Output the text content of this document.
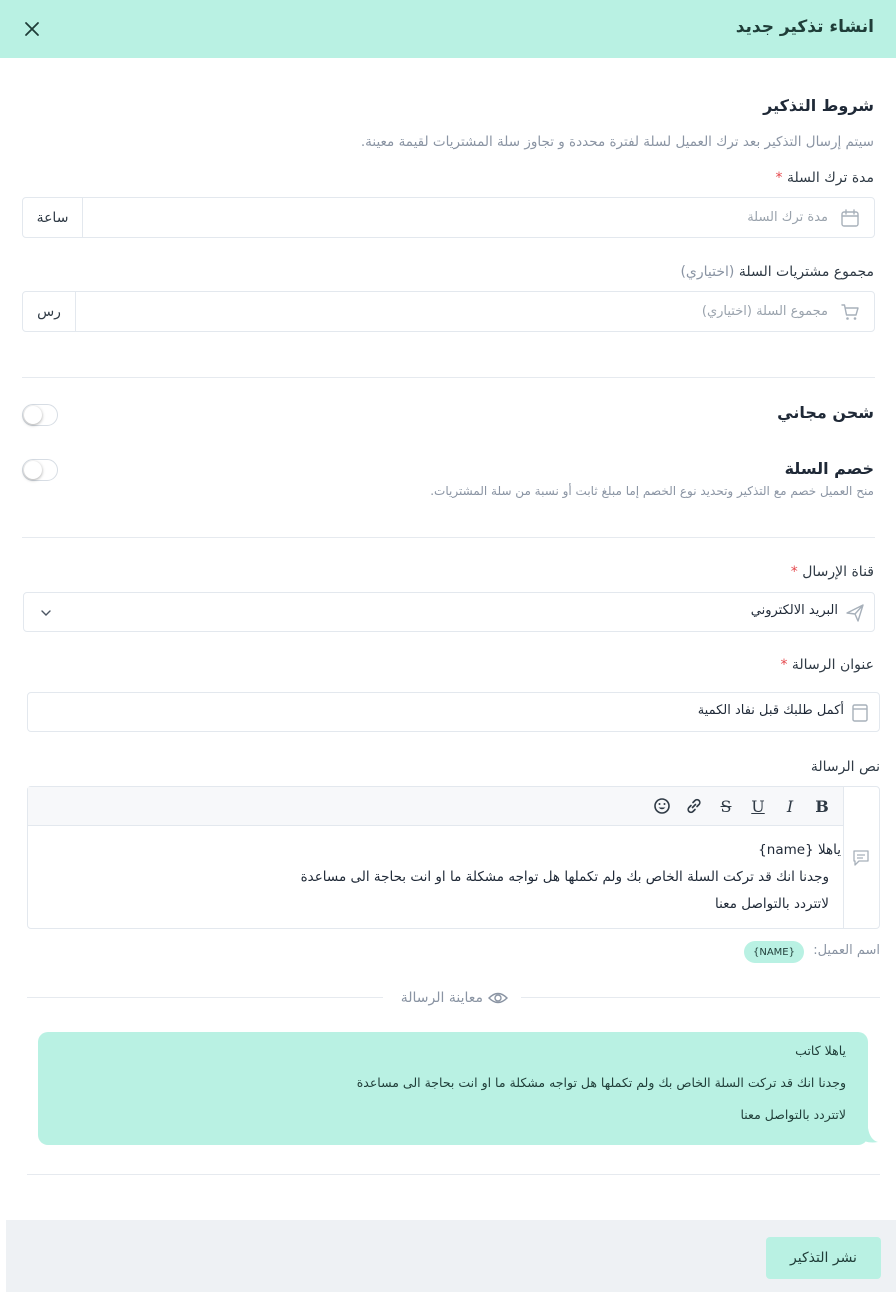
انشاء تذكير جديد
شروط التذكير
سيتم إرسال التذكير بعد ترك العميل لسلة لفترة محددة و تجاوز سلة المشتريات لقيمة معينة.
مدة ترك السلة *
ساعة	مدة ترك السلة
مجموع مشتريات السلة (اختياري)
رس	مجموع السلة (اختياري)
شحن مجاني
خصم السلة
منح العميل خصم مع التذكير وتحديد نوع الخصم إما مبلغ ثابت أو نسبة من سلة المشتريات.
قناة الإرسال *
البريد الالكتروني
عنوان الرسالة *
أكمل طلبك قبل نفاد الكمية
نص الرسالة
B
I
U
S
ياهلا {name}
وجدنا انك قد تركت السلة الخاص بك ولم تكملها هل تواجه مشكلة ما او انت بحاجة الى مساعدة
لاتتردد بالتواصل معنا
اسم العميل:
{NAME}
معاينة الرسالة
ياهلا كاتب
وجدنا انك قد تركت السلة الخاص بك ولم تكملها هل تواجه مشكلة ما او انت بحاجة الى مساعدة
لاتتردد بالتواصل معنا
نشر التذكير
